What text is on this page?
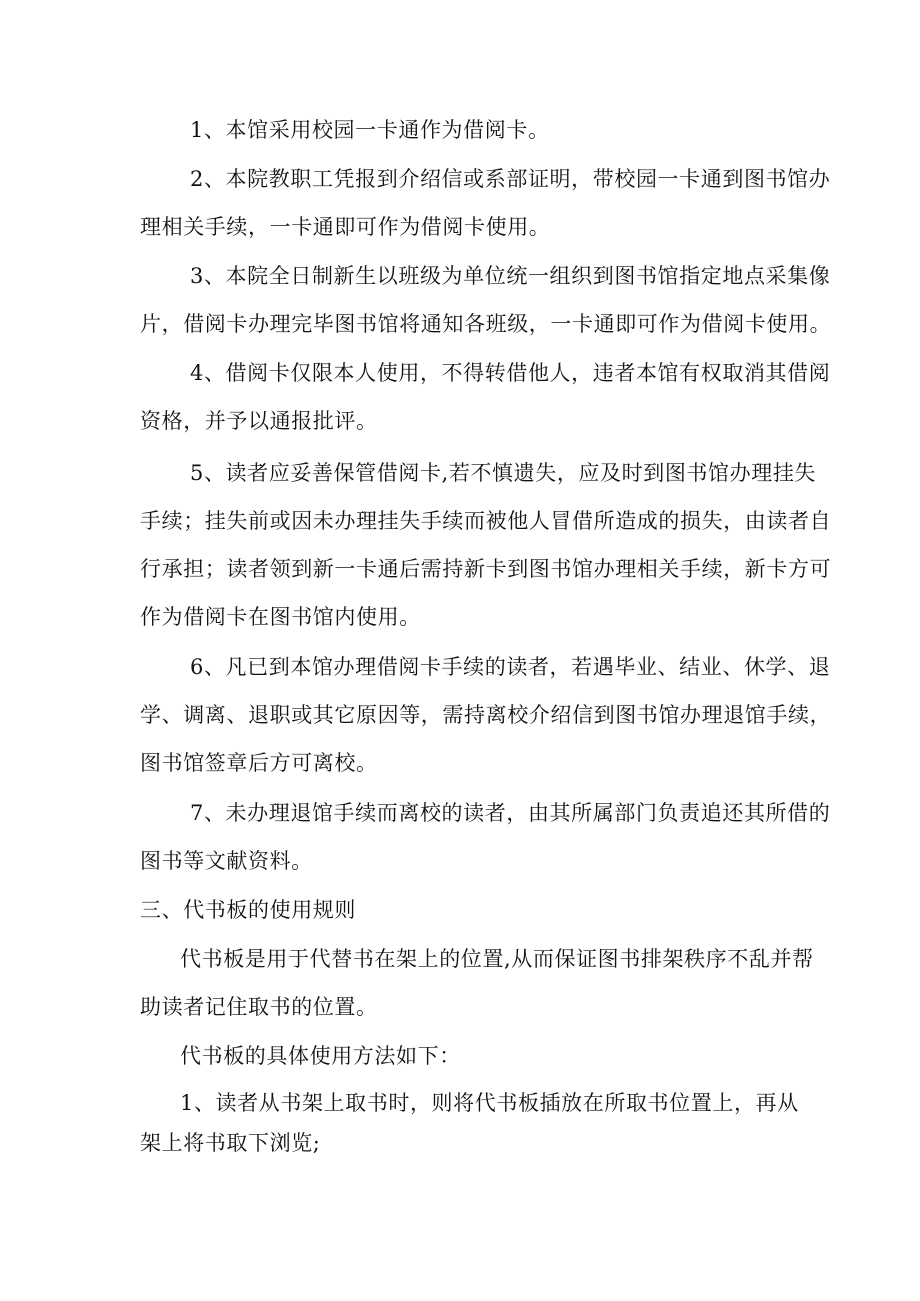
1、本馆采用校园一卡通作为借阅卡。

2、本院教职工凭报到介绍信或系部证明，带校园一卡通到图书馆办
理相关手续，一卡通即可作为借阅卡使用。

3、本院全日制新生以班级为单位统一组织到图书馆指定地点采集像
片，借阅卡办理完毕图书馆将通知各班级，一卡通即可作为借阅卡使用。

4、借阅卡仅限本人使用，不得转借他人，违者本馆有权取消其借阅
资格，并予以通报批评。

5、读者应妥善保管借阅卡,若不慎遗失，应及时到图书馆办理挂失
手续；挂失前或因未办理挂失手续而被他人冒借所造成的损失，由读者自
行承担；读者领到新一卡通后需持新卡到图书馆办理相关手续，新卡方可
作为借阅卡在图书馆内使用。

6、凡已到本馆办理借阅卡手续的读者，若遇毕业、结业、休学、退
学、调离、退职或其它原因等，需持离校介绍信到图书馆办理退馆手续，
图书馆签章后方可离校。

7、未办理退馆手续而离校的读者，由其所属部门负责追还其所借的
图书等文献资料。

三、代书板的使用规则

代书板是用于代替书在架上的位置,从而保证图书排架秩序不乱并帮
助读者记住取书的位置。

代书板的具体使用方法如下：

1、读者从书架上取书时，则将代书板插放在所取书位置上，再从
架上将书取下浏览;
